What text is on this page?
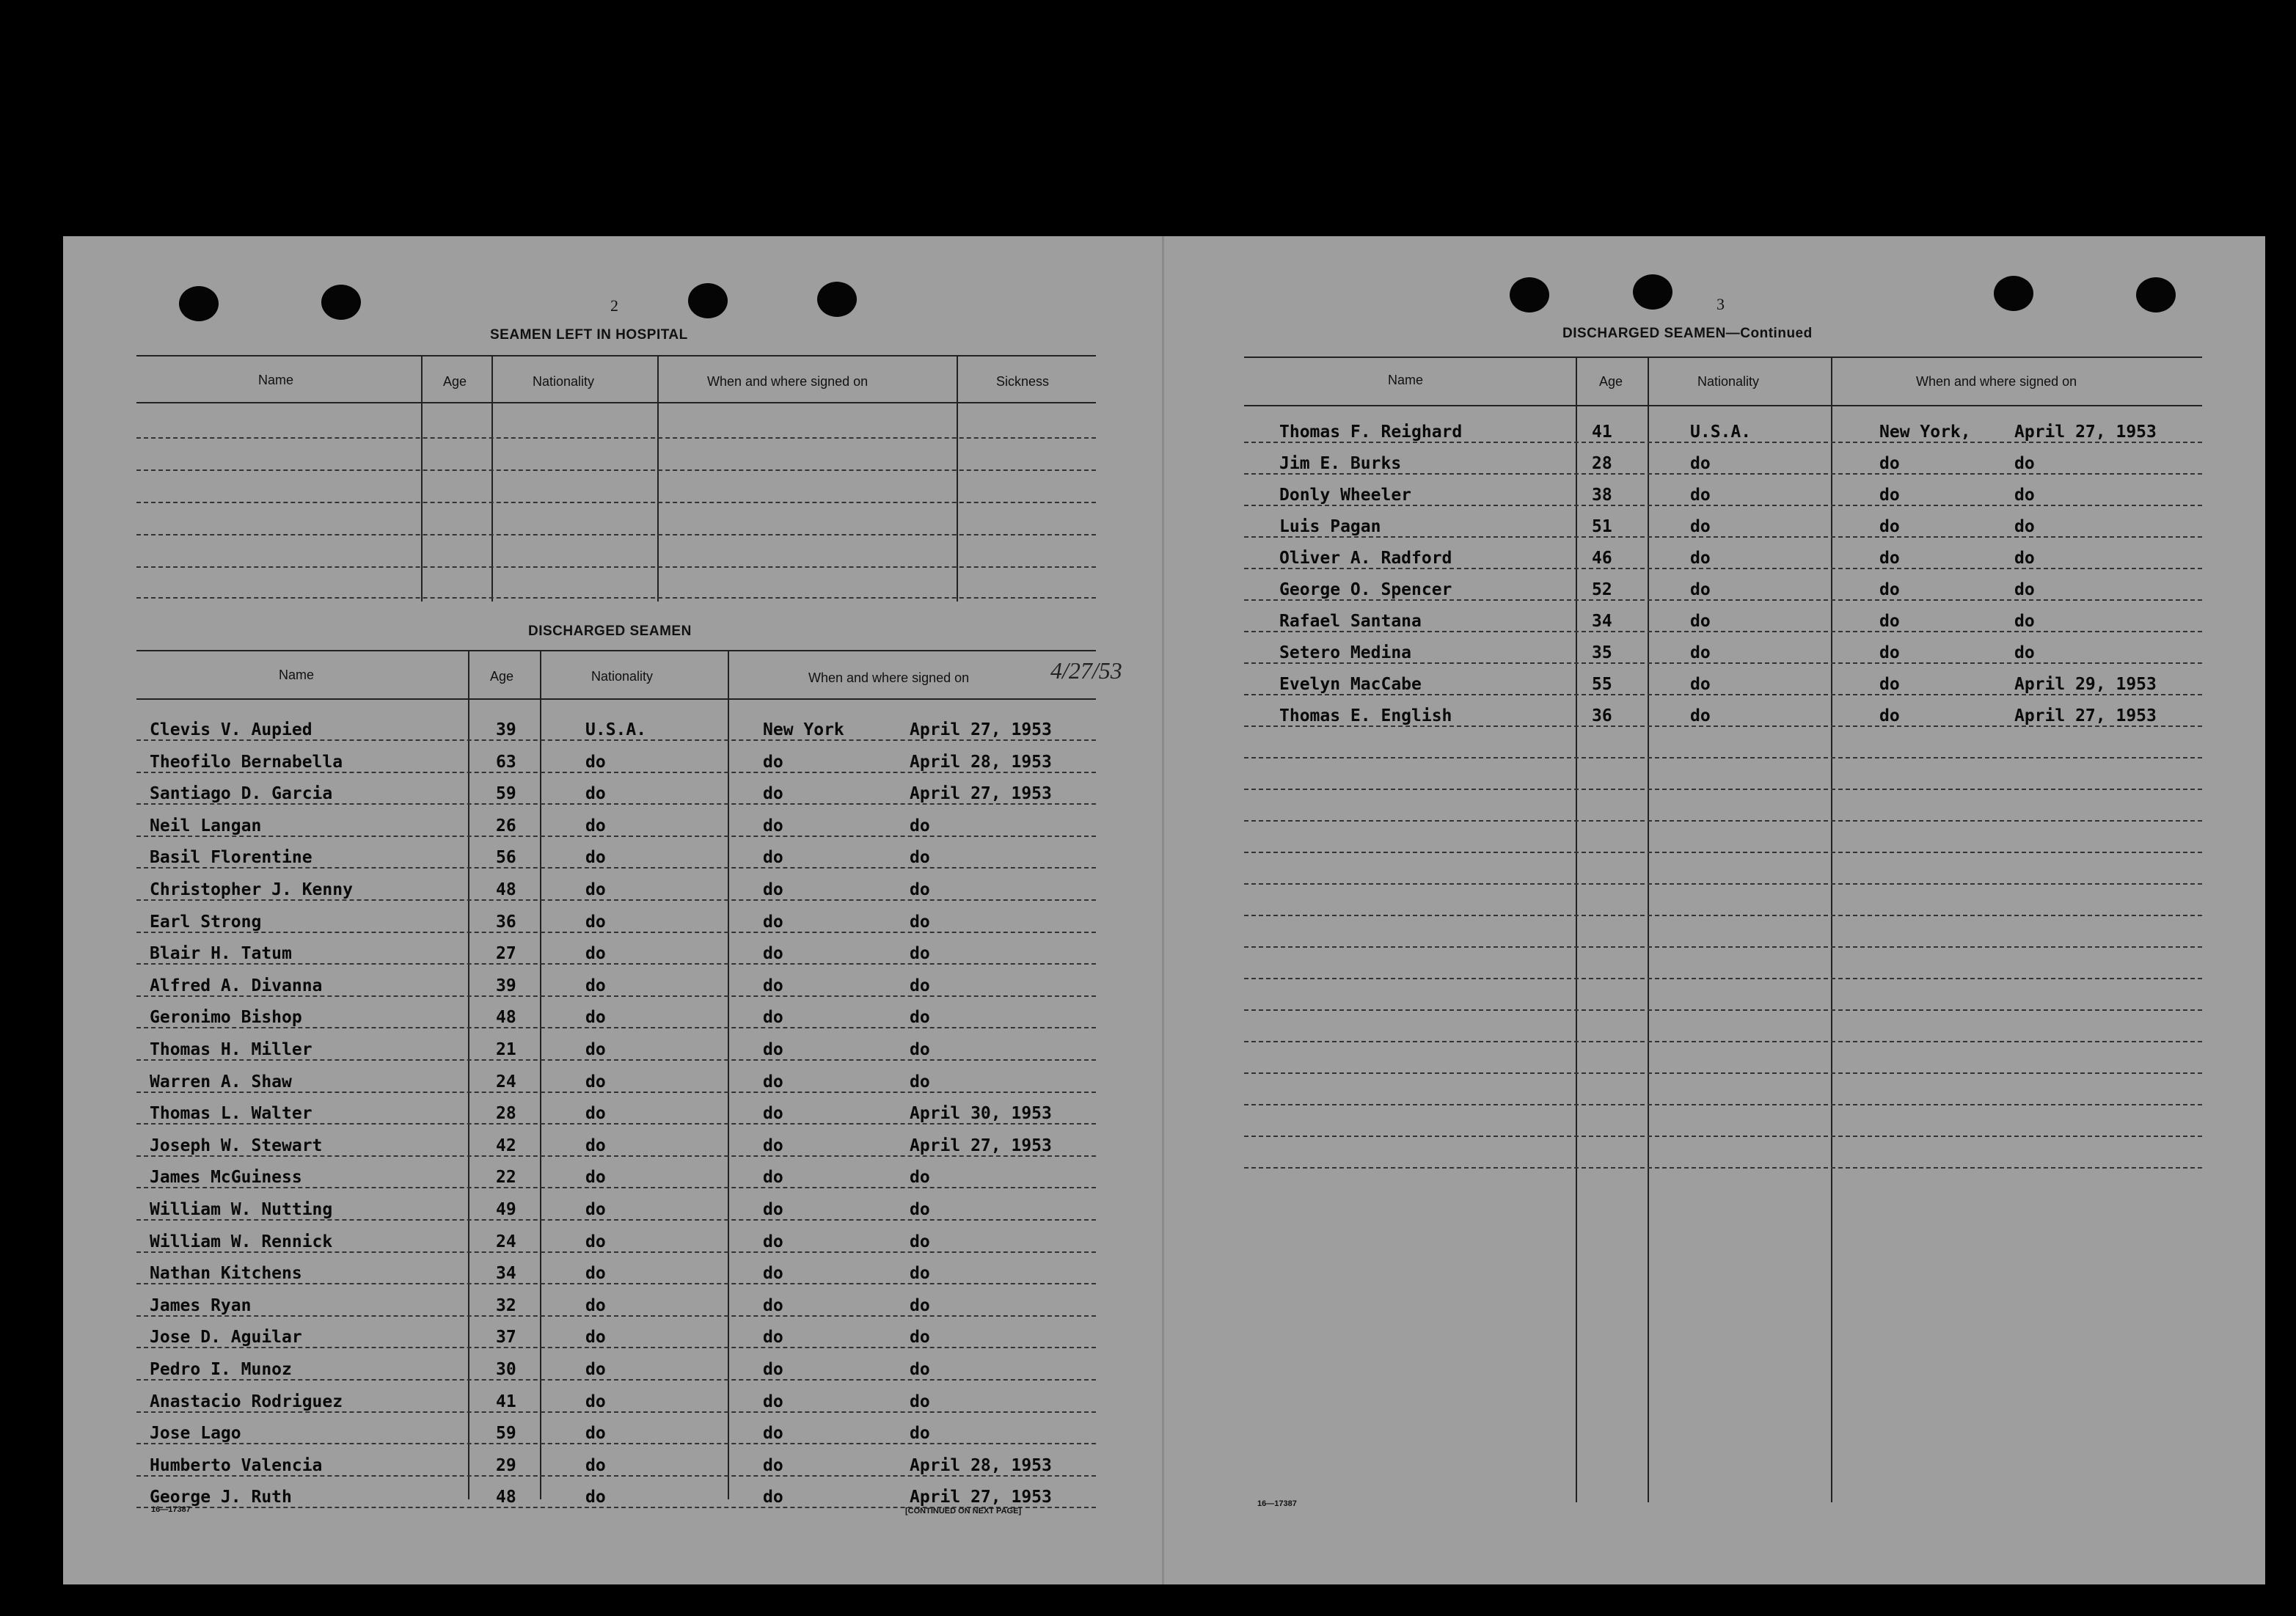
2
SEAMEN LEFT IN HOSPITAL
Name	Age	Nationality	When and where signed on	Sickness
DISCHARGED SEAMEN
Name	Age	Nationality	When and where signed on	4/27/53
Clevis V. Aupied	39	U.S.A.	New York	April 27, 1953
Theofilo Bernabella	63	do	do	April 28, 1953
Santiago D. Garcia	59	do	do	April 27, 1953
Neil Langan	26	do	do	do
Basil Florentine	56	do	do	do
Christopher J. Kenny	48	do	do	do
Earl Strong	36	do	do	do
Blair H. Tatum	27	do	do	do
Alfred A. Divanna	39	do	do	do
Geronimo Bishop	48	do	do	do
Thomas H. Miller	21	do	do	do
Warren A. Shaw	24	do	do	do
Thomas L. Walter	28	do	do	April 30, 1953
Joseph W. Stewart	42	do	do	April 27, 1953
James McGuiness	22	do	do	do
William W. Nutting	49	do	do	do
William W. Rennick	24	do	do	do
Nathan Kitchens	34	do	do	do
James Ryan	32	do	do	do
Jose D. Aguilar	37	do	do	do
Pedro I. Munoz	30	do	do	do
Anastacio Rodriguez	41	do	do	do
Jose Lago	59	do	do	do
Humberto Valencia	29	do	do	April 28, 1953
George J. Ruth	48	do	do	April 27, 1953
16—17387	[CONTINUED ON NEXT PAGE]
3
DISCHARGED SEAMEN—Continued
Name	Age	Nationality	When and where signed on
Thomas F. Reighard	41	U.S.A.	New York,	April 27, 1953
Jim E. Burks	28	do	do	do
Donly Wheeler	38	do	do	do
Luis Pagan	51	do	do	do
Oliver A. Radford	46	do	do	do
George O. Spencer	52	do	do	do
Rafael Santana	34	do	do	do
Setero Medina	35	do	do	do
Evelyn MacCabe	55	do	do	April 29, 1953
Thomas E. English	36	do	do	April 27, 1953
16—17387
